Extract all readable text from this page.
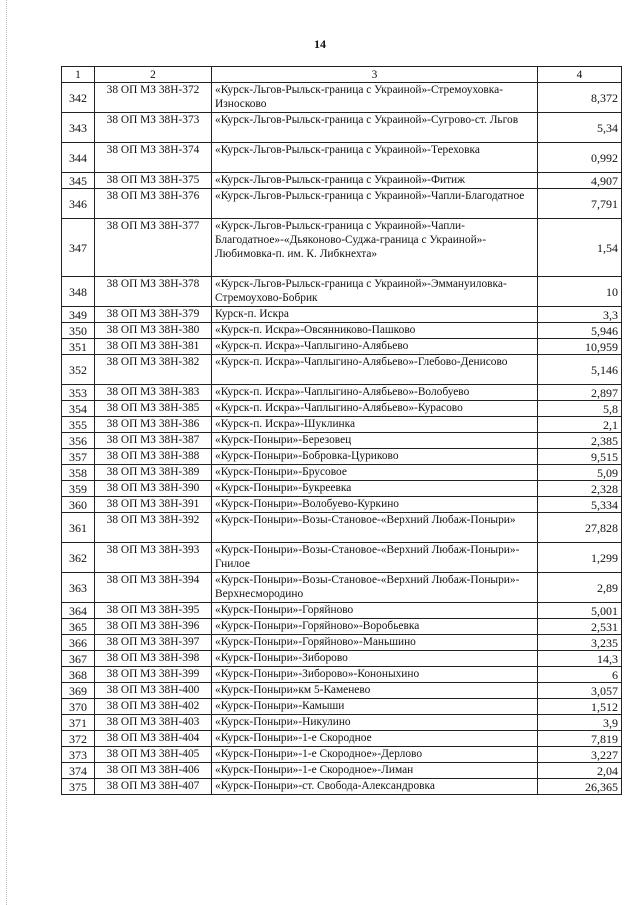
14
1	2	3	4
342	38 ОП МЗ 38Н-372	«Курск-Льгов-Рыльск-граница с Украиной»-Стремоуховка-Износково	8,372
343	38 ОП МЗ 38Н-373	«Курск-Льгов-Рыльск-граница с Украиной»-Сугрово-ст. Льгов	5,34
344	38 ОП МЗ 38Н-374	«Курск-Льгов-Рыльск-граница с Украиной»-Тереховка	0,992
345	38 ОП МЗ 38Н-375	«Курск-Льгов-Рыльск-граница с Украиной»-Фитиж	4,907
346	38 ОП МЗ 38Н-376	«Курск-Льгов-Рыльск-граница с Украиной»-Чапли-Благодатное	7,791
347	38 ОП МЗ 38Н-377	«Курск-Льгов-Рыльск-граница с Украиной»-Чапли-Благодатное»-«Дьяконово-Суджа-граница с Украиной»-Любимовка-п. им. К. Либкнехта»	1,54
348	38 ОП МЗ 38Н-378	«Курск-Льгов-Рыльск-граница с Украиной»-Эммануиловка-Стремоухово-Бобрик	10
349	38 ОП МЗ 38Н-379	Курск-п. Искра	3,3
350	38 ОП МЗ 38Н-380	«Курск-п. Искра»-Овсянниково-Пашково	5,946
351	38 ОП МЗ 38Н-381	«Курск-п. Искра»-Чаплыгино-Алябьево	10,959
352	38 ОП МЗ 38Н-382	«Курск-п. Искра»-Чаплыгино-Алябьево»-Глебово-Денисово	5,146
353	38 ОП МЗ 38Н-383	«Курск-п. Искра»-Чаплыгино-Алябьево»-Волобуево	2,897
354	38 ОП МЗ 38Н-385	«Курск-п. Искра»-Чаплыгино-Алябьево»-Курасово	5,8
355	38 ОП МЗ 38Н-386	«Курск-п. Искра»-Шуклинка	2,1
356	38 ОП МЗ 38Н-387	«Курск-Поныри»-Березовец	2,385
357	38 ОП МЗ 38Н-388	«Курск-Поныри»-Бобровка-Цуриково	9,515
358	38 ОП МЗ 38Н-389	«Курск-Поныри»-Брусовое	5,09
359	38 ОП МЗ 38Н-390	«Курск-Поныри»-Букреевка	2,328
360	38 ОП МЗ 38Н-391	«Курск-Поныри»-Волобуево-Куркино	5,334
361	38 ОП МЗ 38Н-392	«Курск-Поныри»-Возы-Становое-«Верхний Любаж-Поныри»	27,828
362	38 ОП МЗ 38Н-393	«Курск-Поныри»-Возы-Становое-«Верхний Любаж-Поныри»-Гнилое	1,299
363	38 ОП МЗ 38Н-394	«Курск-Поныри»-Возы-Становое-«Верхний Любаж-Поныри»-Верхнесмородино	2,89
364	38 ОП МЗ 38Н-395	«Курск-Поныри»-Горяйново	5,001
365	38 ОП МЗ 38Н-396	«Курск-Поныри»-Горяйново»-Воробьевка	2,531
366	38 ОП МЗ 38Н-397	«Курск-Поныри»-Горяйново»-Маньшино	3,235
367	38 ОП МЗ 38Н-398	«Курск-Поныри»-Зиборово	14,3
368	38 ОП МЗ 38Н-399	«Курск-Поныри»-Зиборово»-Кононыхино	6
369	38 ОП МЗ 38Н-400	«Курск-Поныри»км 5-Каменево	3,057
370	38 ОП МЗ 38Н-402	«Курск-Поныри»-Камыши	1,512
371	38 ОП МЗ 38Н-403	«Курск-Поныри»-Никулино	3,9
372	38 ОП МЗ 38Н-404	«Курск-Поныри»-1-е Скородное	7,819
373	38 ОП МЗ 38Н-405	«Курск-Поныри»-1-е Скородное»-Дерлово	3,227
374	38 ОП МЗ 38Н-406	«Курск-Поныри»-1-е Скородное»-Лиман	2,04
375	38 ОП МЗ 38Н-407	«Курск-Поныри»-ст. Свобода-Александровка	26,365
